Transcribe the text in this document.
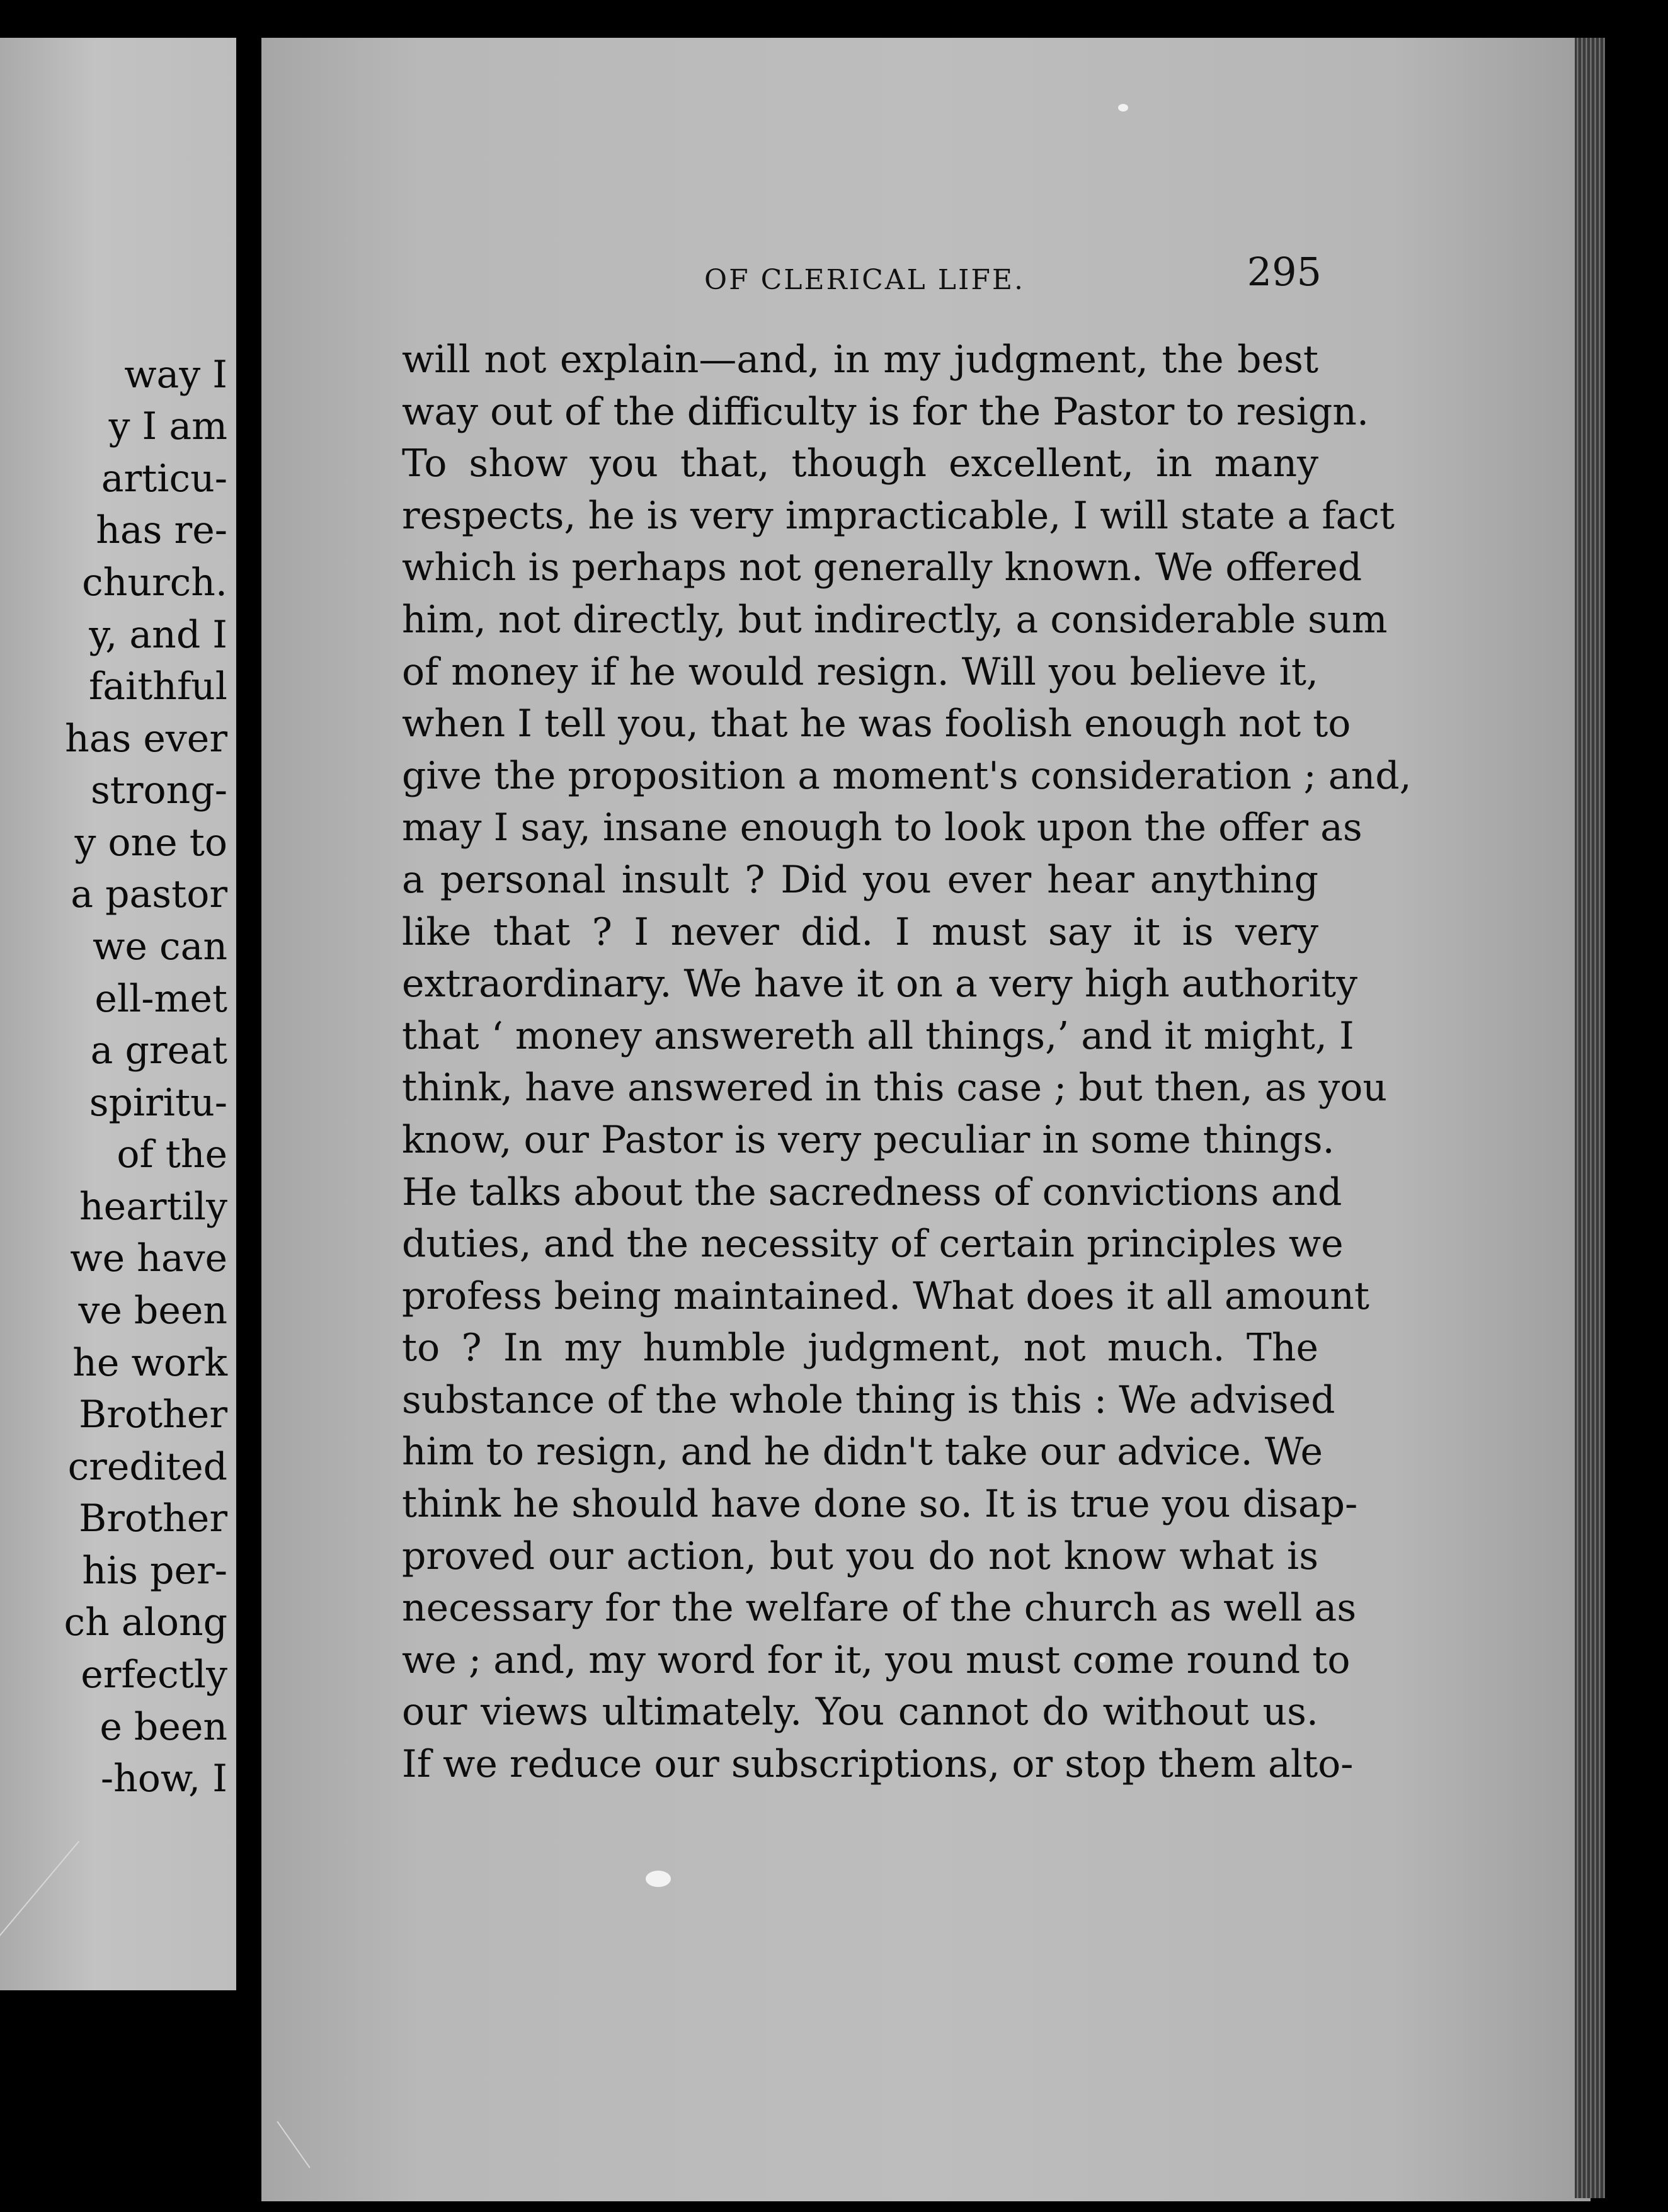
way I
y I am
articu-
has re-
church.
y, and I
faithful
has ever
strong-
y one to
a pastor
we can
ell-met
a great
spiritu-
of the
heartily
we have
ve been
he work
Brother
credited
Brother
his per-
ch along
erfectly
e been
-how, I
OF CLERICAL LIFE.	295
will not explain—and, in my judgment, the best
way out of the difficulty is for the Pastor to resign.
To show you that, though excellent, in many
respects, he is very impracticable, I will state a fact
which is perhaps not generally known. We offered
him, not directly, but indirectly, a considerable sum
of money if he would resign. Will you believe it,
when I tell you, that he was foolish enough not to
give the proposition a moment's consideration ; and,
may I say, insane enough to look upon the offer as
a personal insult ? Did you ever hear anything
like that ? I never did. I must say it is very
extraordinary. We have it on a very high authority
that ‘ money answereth all things,’ and it might, I
think, have answered in this case ; but then, as you
know, our Pastor is very peculiar in some things.
He talks about the sacredness of convictions and
duties, and the necessity of certain principles we
profess being maintained. What does it all amount
to ? In my humble judgment, not much. The
substance of the whole thing is this : We advised
him to resign, and he didn't take our advice. We
think he should have done so. It is true you disap-
proved our action, but you do not know what is
necessary for the welfare of the church as well as
we ; and, my word for it, you must come round to
our views ultimately. You cannot do without us.
If we reduce our subscriptions, or stop them alto-
